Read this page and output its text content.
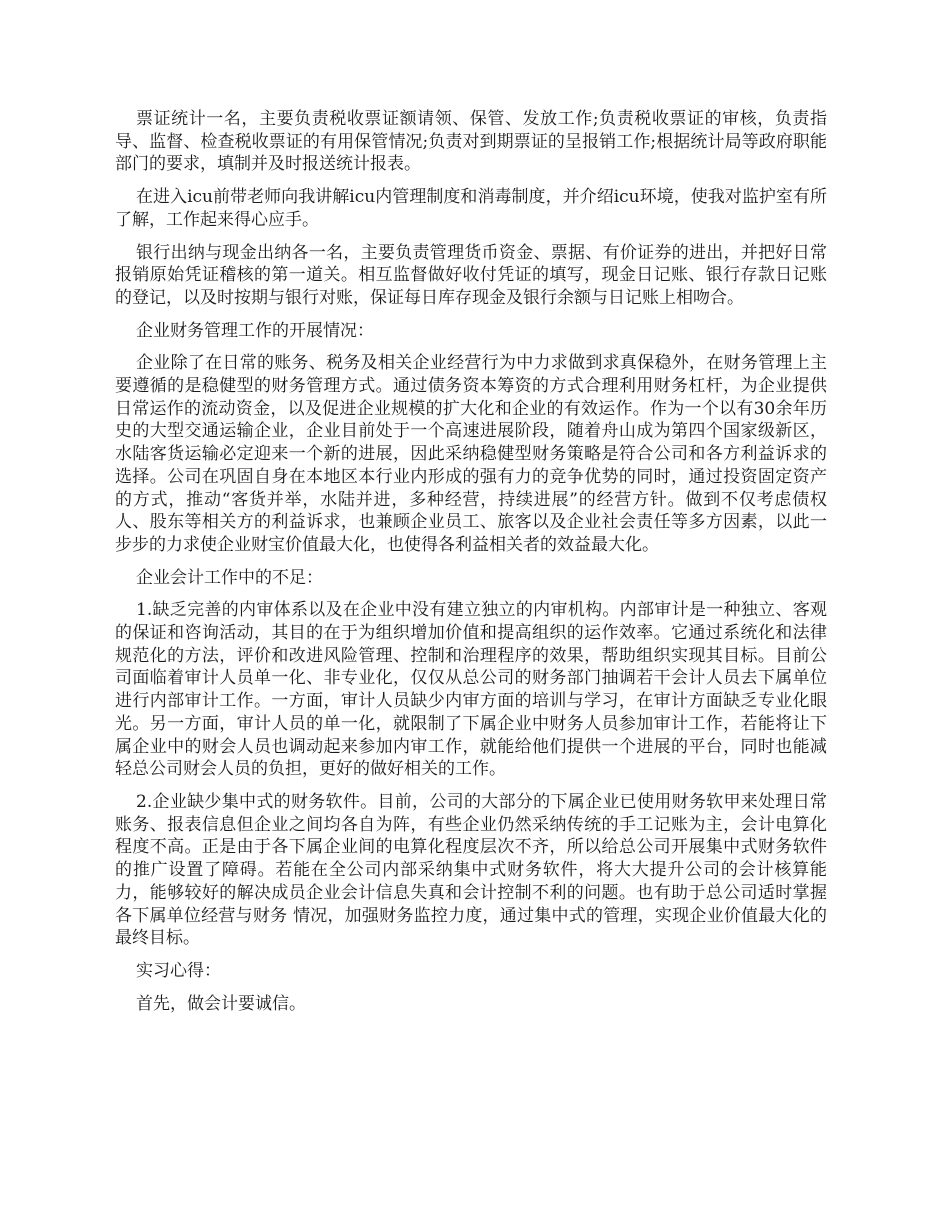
票证统计一名，主要负责税收票证额请领、保管、发放工作;负责税收票证的审核，负责指导、监督、检查税收票证的有用保管情况;负责对到期票证的呈报销工作;根据统计局等政府职能部门的要求，填制并及时报送统计报表。

在进入icu前带老师向我讲解icu内管理制度和消毒制度，并介绍icu环境，使我对监护室有所了解，工作起来得心应手。

银行出纳与现金出纳各一名，主要负责管理货币资金、票据、有价证券的进出，并把好日常报销原始凭证稽核的第一道关。相互监督做好收付凭证的填写，现金日记账、银行存款日记账的登记，以及时按期与银行对账，保证每日库存现金及银行余额与日记账上相吻合。

企业财务管理工作的开展情况：

企业除了在日常的账务、税务及相关企业经营行为中力求做到求真保稳外，在财务管理上主要遵循的是稳健型的财务管理方式。通过债务资本筹资的方式合理利用财务杠杆，为企业提供日常运作的流动资金，以及促进企业规模的扩大化和企业的有效运作。作为一个以有30余年历史的大型交通运输企业，企业目前处于一个高速进展阶段，随着舟山成为第四个国家级新区，水陆客货运输必定迎来一个新的进展，因此采纳稳健型财务策略是符合公司和各方利益诉求的选择。公司在巩固自身在本地区本行业内形成的强有力的竞争优势的同时，通过投资固定资产的方式，推动“客货并举，水陆并进，多种经营，持续进展”的经营方针。做到不仅考虑债权人、股东等相关方的利益诉求，也兼顾企业员工、旅客以及企业社会责任等多方因素，以此一步步的力求使企业财宝价值最大化，也使得各利益相关者的效益最大化。

企业会计工作中的不足：

1.缺乏完善的内审体系以及在企业中没有建立独立的内审机构。内部审计是一种独立、客观的保证和咨询活动，其目的在于为组织增加价值和提高组织的运作效率。它通过系统化和法律规范化的方法，评价和改进风险管理、控制和治理程序的效果，帮助组织实现其目标。目前公司面临着审计人员单一化、非专业化，仅仅从总公司的财务部门抽调若干会计人员去下属单位进行内部审计工作。一方面，审计人员缺少内审方面的培训与学习，在审计方面缺乏专业化眼光。另一方面，审计人员的单一化，就限制了下属企业中财务人员参加审计工作，若能将让下属企业中的财会人员也调动起来参加内审工作，就能给他们提供一个进展的平台，同时也能减轻总公司财会人员的负担，更好的做好相关的工作。

2.企业缺少集中式的财务软件。目前，公司的大部分的下属企业已使用财务软甲来处理日常账务、报表信息但企业之间均各自为阵，有些企业仍然采纳传统的手工记账为主，会计电算化程度不高。正是由于各下属企业间的电算化程度层次不齐，所以给总公司开展集中式财务软件的推广设置了障碍。若能在全公司内部采纳集中式财务软件，将大大提升公司的会计核算能力，能够较好的解决成员企业会计信息失真和会计控制不利的问题。也有助于总公司适时掌握各下属单位经营与财务 情况，加强财务监控力度，通过集中式的管理，实现企业价值最大化的最终目标。

实习心得：

首先，做会计要诚信。
